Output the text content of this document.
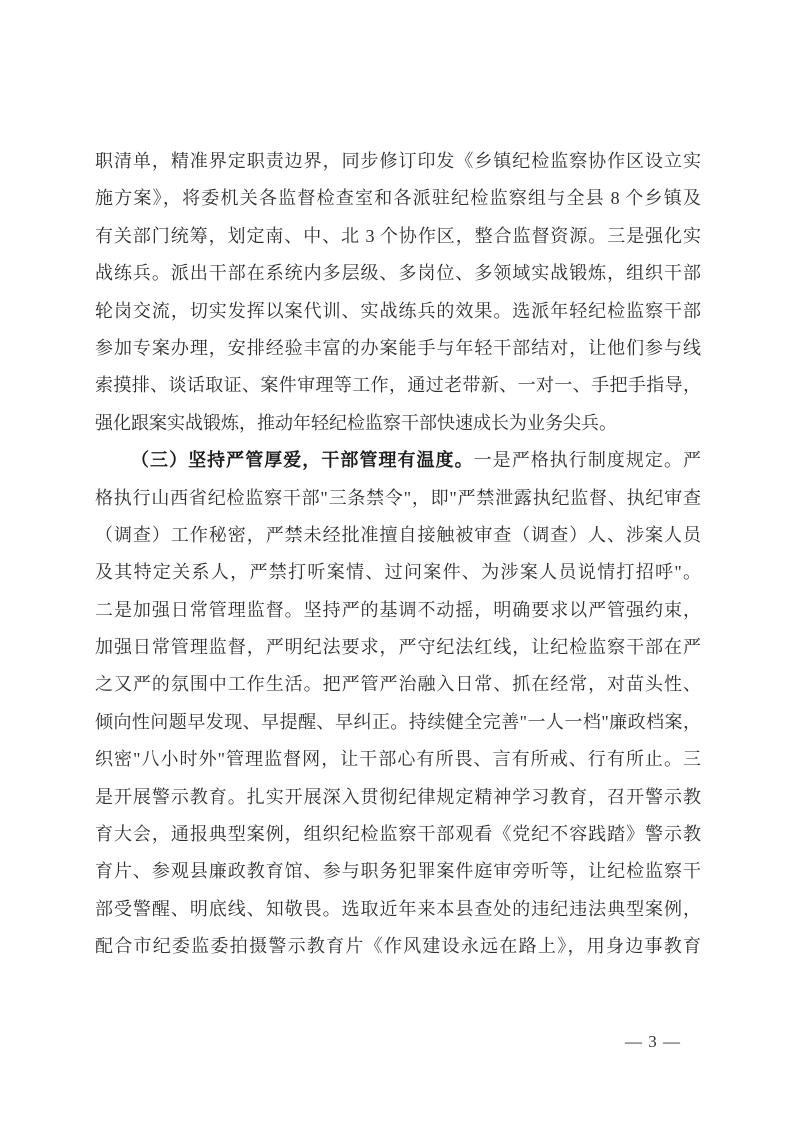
职清单，精准界定职责边界，同步修订印发《乡镇纪检监察协作区设立实
施方案》，将委机关各监督检查室和各派驻纪检监察组与全县 8 个乡镇及
有关部门统筹，划定南、中、北 3 个协作区，整合监督资源。三是强化实
战练兵。派出干部在系统内多层级、多岗位、多领域实战锻炼，组织干部
轮岗交流，切实发挥以案代训、实战练兵的效果。选派年轻纪检监察干部
参加专案办理，安排经验丰富的办案能手与年轻干部结对，让他们参与线
索摸排、谈话取证、案件审理等工作，通过老带新、一对一、手把手指导，
强化跟案实战锻炼，推动年轻纪检监察干部快速成长为业务尖兵。
（三）坚持严管厚爱，干部管理有温度。一是严格执行制度规定。严
格执行山西省纪检监察干部"三条禁令"，即"严禁泄露执纪监督、执纪审查
（调查）工作秘密，严禁未经批准擅自接触被审查（调查）人、涉案人员
及其特定关系人，严禁打听案情、过问案件、为涉案人员说情打招呼"。
二是加强日常管理监督。坚持严的基调不动摇，明确要求以严管强约束，
加强日常管理监督，严明纪法要求，严守纪法红线，让纪检监察干部在严
之又严的氛围中工作生活。把严管严治融入日常、抓在经常，对苗头性、
倾向性问题早发现、早提醒、早纠正。持续健全完善"一人一档"廉政档案，
织密"八小时外"管理监督网，让干部心有所畏、言有所戒、行有所止。三
是开展警示教育。扎实开展深入贯彻纪律规定精神学习教育，召开警示教
育大会，通报典型案例，组织纪检监察干部观看《党纪不容践踏》警示教
育片、参观县廉政教育馆、参与职务犯罪案件庭审旁听等，让纪检监察干
部受警醒、明底线、知敬畏。选取近年来本县查处的违纪违法典型案例，
配合市纪委监委拍摄警示教育片《作风建设永远在路上》，用身边事教育
— 3 —
